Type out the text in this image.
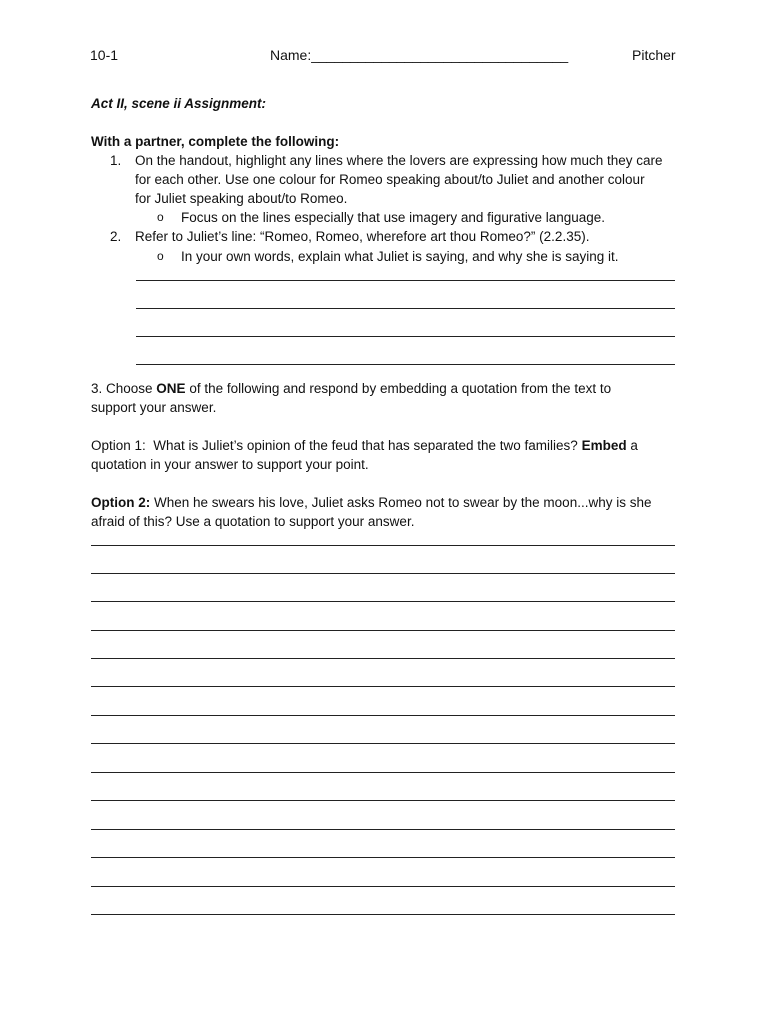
10-1	Name:_________________________________	Pitcher
Act II, scene ii Assignment:
With a partner, complete the following:
1. On the handout, highlight any lines where the lovers are expressing how much they care
for each other. Use one colour for Romeo speaking about/to Juliet and another colour
for Juliet speaking about/to Romeo.
o Focus on the lines especially that use imagery and figurative language.
2. Refer to Juliet’s line: “Romeo, Romeo, wherefore art thou Romeo?” (2.2.35).
o In your own words, explain what Juliet is saying, and why she is saying it.
3. Choose ONE of the following and respond by embedding a quotation from the text to
support your answer.
Option 1:  What is Juliet’s opinion of the feud that has separated the two families? Embed a
quotation in your answer to support your point.
Option 2: When he swears his love, Juliet asks Romeo not to swear by the moon...why is she
afraid of this? Use a quotation to support your answer.
